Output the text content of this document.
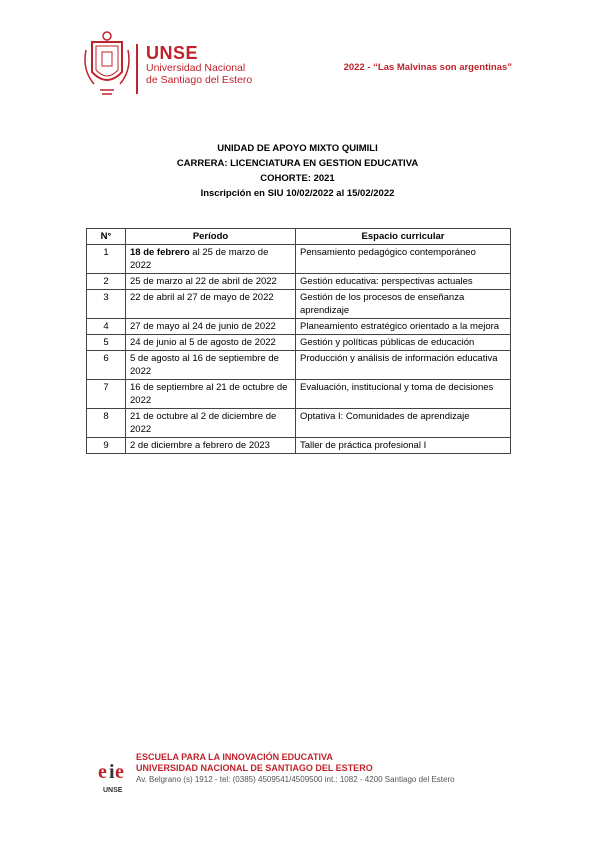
UNSE
Universidad Nacional
de Santiago del Estero
2022 - “Las Malvinas son argentinas”
UNIDAD DE APOYO MIXTO QUIMILI
CARRERA: LICENCIATURA EN GESTION EDUCATIVA
COHORTE: 2021
Inscripción en SIU 10/02/2022 al 15/02/2022
N°	Período	Espacio curricular
1	18 de febrero al 25 de marzo de 2022	Pensamiento pedagógico contemporáneo
2	25 de marzo al 22 de abril de 2022	Gestión educativa: perspectivas actuales
3	22 de abril al 27 de mayo de 2022	Gestión de los procesos de enseñanza aprendizaje
4	27 de mayo al 24 de junio de 2022	Planeamiento estratégico orientado a la mejora
5	24 de junio al 5 de agosto de 2022	Gestión y políticas públicas de educación
6	5 de agosto al 16 de septiembre de 2022	Producción y análisis de información educativa
7	16 de septiembre al 21 de octubre de 2022	Evaluación, institucional y toma de decisiones
8	21 de octubre al 2 de diciembre de 2022	Optativa I: Comunidades de aprendizaje
9	2 de diciembre a febrero de 2023	Taller de práctica profesional I
e i e
UNSE
ESCUELA PARA LA INNOVACIÓN EDUCATIVA
UNIVERSIDAD NACIONAL DE SANTIAGO DEL ESTERO
Av. Belgrano (s) 1912 - tel: (0385) 4509541/4509500 int.: 1082 - 4200 Santiago del Estero
